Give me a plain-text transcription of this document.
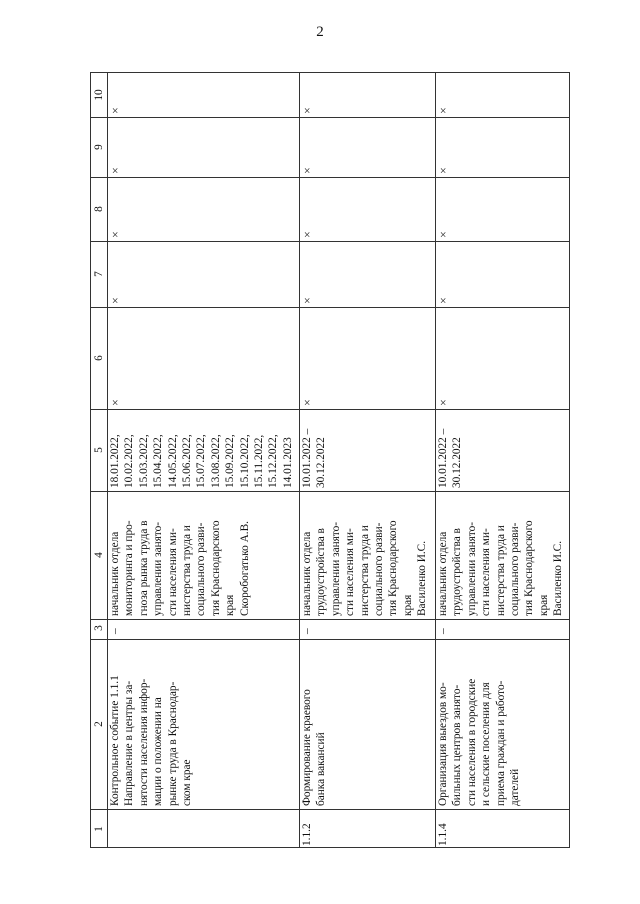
2
1
2
3
4
5
6
7
8
9
10
Контрольное событие 1.1.1 Направление в центры за- нятости населения инфор- мации о положении на рынке труда в Краснодар- ском крае
–
начальник отдела мониторинга и про- гноза рынка труда в управлении занято- сти населения ми- нистерства труда и социального разви- тия Краснодарского края Скоробогатько А.В.
18.01.2022, 10.02.2022, 15.03.2022, 15.04.2022, 14.05.2022, 15.06.2022, 15.07.2022, 13.08.2022, 15.09.2022, 15.10.2022, 15.11.2022, 15.12.2022, 14.01.2023
×
×
×
×
×
1.1.2
Формирование краевого банка вакансий
–
начальник отдела трудоустройства в управлении занято- сти населения ми- нистерства труда и социального разви- тия Краснодарского края Василенко И.С.
10.01.2022 – 30.12.2022
×
×
×
×
×
1.1.4
Организация выездов мо- бильных центров занято- сти населения в городские и сельские поселения для приема граждан и работо- дателей
–
начальник отдела трудоустройства в управлении занято- сти населения ми- нистерства труда и социального разви- тия Краснодарского края Василенко И.С.
10.01.2022 – 30.12.2022
×
×
×
×
×
